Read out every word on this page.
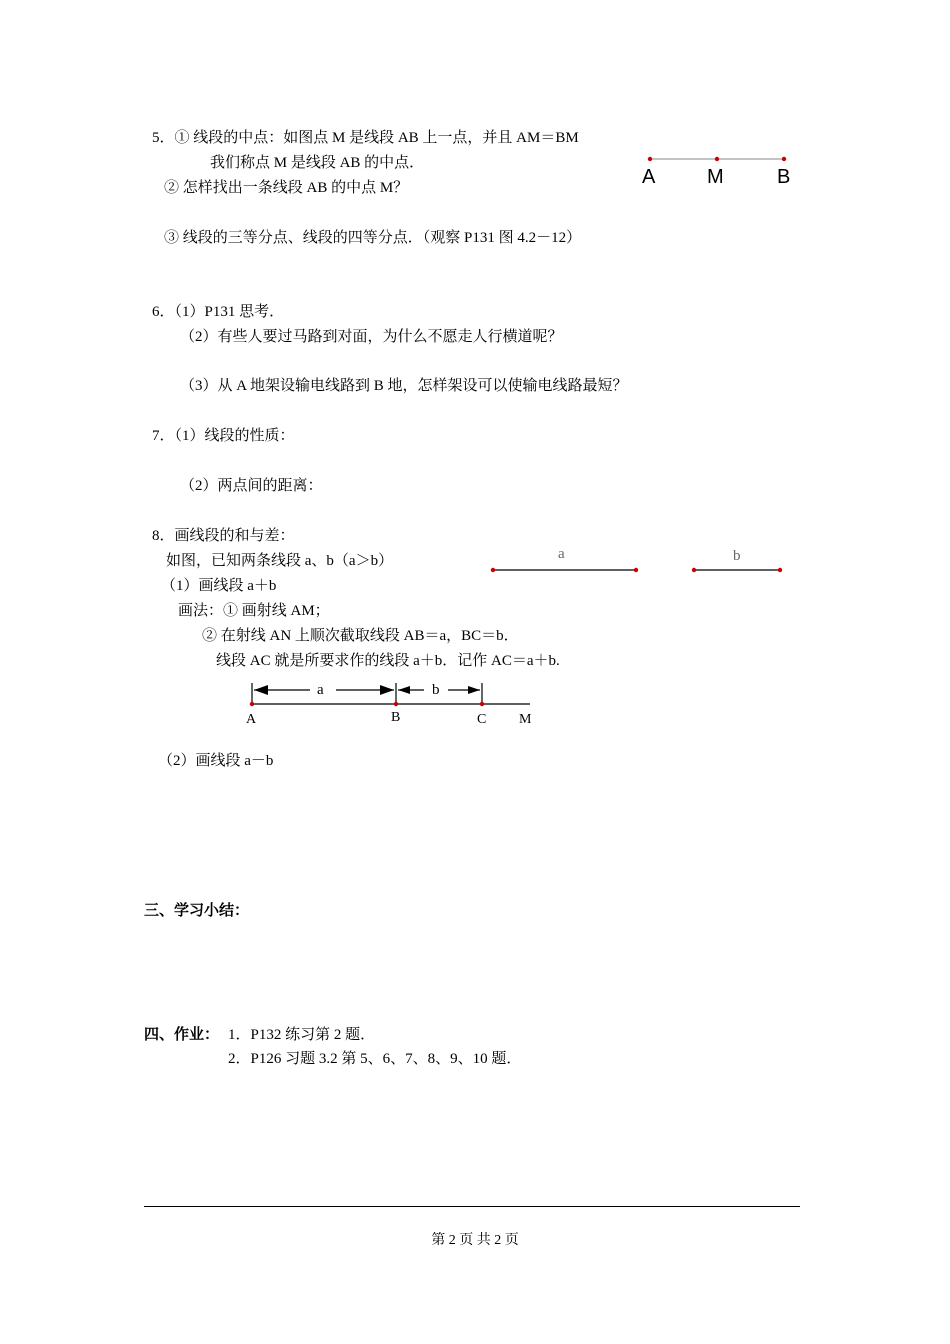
5．① 线段的中点：如图点 M 是线段 AB 上一点，并且 AM＝BM
我们称点 M 是线段 AB 的中点．
② 怎样找出一条线段 AB 的中点 M？
③ 线段的三等分点、线段的四等分点．（观察 P131 图 4.2－12）
A	M	B
6．（1）P131 思考．
（2）有些人要过马路到对面，为什么不愿走人行横道呢？
（3）从 A 地架设输电线路到 B 地，怎样架设可以使输电线路最短？
7．（1）线段的性质：
（2）两点间的距离：
8．画线段的和与差：
如图，已知两条线段 a、b（a＞b）
（1）画线段 a＋b
画法：① 画射线 AM；
② 在射线 AN 上顺次截取线段 AB＝a，BC＝b．
线段 AC 就是所要求作的线段 a＋b．记作 AC＝a＋b.
（2）画线段 a－b
a	b
a	b
A	B	C M
三、学习小结：
四、作业： 1．P132 练习第 2 题．
2．P126 习题 3.2 第 5、6、7、8、9、10 题．
第 2 页 共 2 页
